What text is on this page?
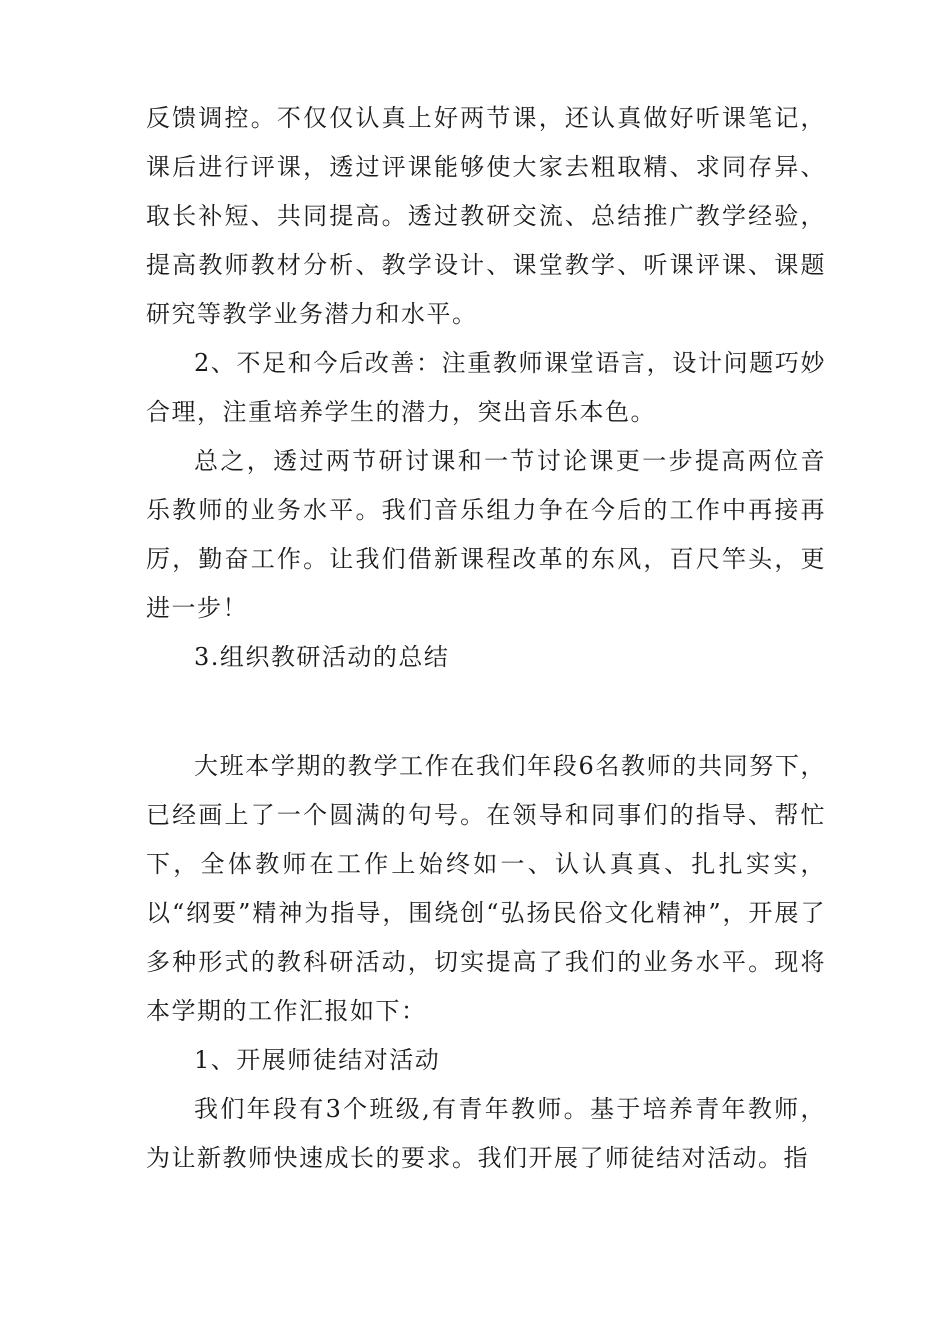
反馈调控。不仅仅认真上好两节课，还认真做好听课笔记，课后进行评课，透过评课能够使大家去粗取精、求同存异、取长补短、共同提高。透过教研交流、总结推广教学经验，提高教师教材分析、教学设计、课堂教学、听课评课、课题研究等教学业务潜力和水平。

2、不足和今后改善：注重教师课堂语言，设计问题巧妙合理，注重培养学生的潜力，突出音乐本色。

总之，透过两节研讨课和一节讨论课更一步提高两位音乐教师的业务水平。我们音乐组力争在今后的工作中再接再厉，勤奋工作。让我们借新课程改革的东风，百尺竿头，更进一步！

3.组织教研活动的总结

大班本学期的教学工作在我们年段6名教师的共同努下，已经画上了一个圆满的句号。在领导和同事们的指导、帮忙下，全体教师在工作上始终如一、认认真真、扎扎实实，以“纲要”精神为指导，围绕创“弘扬民俗文化精神”，开展了多种形式的教科研活动，切实提高了我们的业务水平。现将本学期的工作汇报如下：

1、开展师徒结对活动

我们年段有3个班级,有青年教师。基于培养青年教师，为让新教师快速成长的要求。我们开展了师徒结对活动。指
